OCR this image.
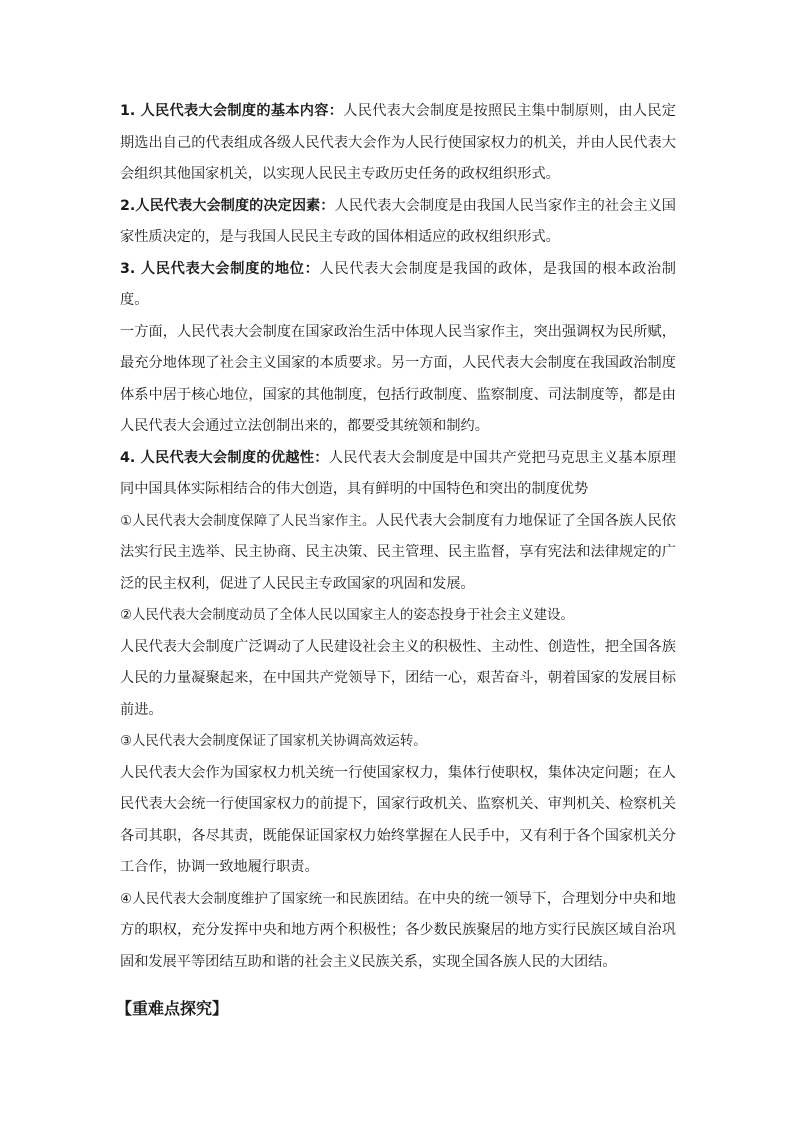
1. 人民代表大会制度的基本内容：人民代表大会制度是按照民主集中制原则，由人民定期选出自己的代表组成各级人民代表大会作为人民行使国家权力的机关，并由人民代表大会组织其他国家机关，以实现人民民主专政历史任务的政权组织形式。

2.人民代表大会制度的决定因素：人民代表大会制度是由我国人民当家作主的社会主义国家性质决定的，是与我国人民民主专政的国体相适应的政权组织形式。

3. 人民代表大会制度的地位：人民代表大会制度是我国的政体，是我国的根本政治制度。

一方面，人民代表大会制度在国家政治生活中体现人民当家作主，突出强调权为民所赋，最充分地体现了社会主义国家的本质要求。另一方面，人民代表大会制度在我国政治制度体系中居于核心地位，国家的其他制度，包括行政制度、监察制度、司法制度等，都是由人民代表大会通过立法创制出来的，都要受其统领和制约。

4. 人民代表大会制度的优越性：人民代表大会制度是中国共产党把马克思主义基本原理同中国具体实际相结合的伟大创造，具有鲜明的中国特色和突出的制度优势

①人民代表大会制度保障了人民当家作主。人民代表大会制度有力地保证了全国各族人民依法实行民主选举、民主协商、民主决策、民主管理、民主监督，享有宪法和法律规定的广泛的民主权利，促进了人民民主专政国家的巩固和发展。

②人民代表大会制度动员了全体人民以国家主人的姿态投身于社会主义建设。

人民代表大会制度广泛调动了人民建设社会主义的积极性、主动性、创造性，把全国各族人民的力量凝聚起来，在中国共产党领导下，团结一心，艰苦奋斗，朝着国家的发展目标前进。

③人民代表大会制度保证了国家机关协调高效运转。

人民代表大会作为国家权力机关统一行使国家权力，集体行使职权，集体决定问题；在人民代表大会统一行使国家权力的前提下，国家行政机关、监察机关、审判机关、检察机关各司其职，各尽其责，既能保证国家权力始终掌握在人民手中，又有利于各个国家机关分工合作，协调一致地履行职责。

④人民代表大会制度维护了国家统一和民族团结。在中央的统一领导下，合理划分中央和地方的职权，充分发挥中央和地方两个积极性；各少数民族聚居的地方实行民族区域自治巩固和发展平等团结互助和谐的社会主义民族关系，实现全国各族人民的大团结。

【重难点探究】
